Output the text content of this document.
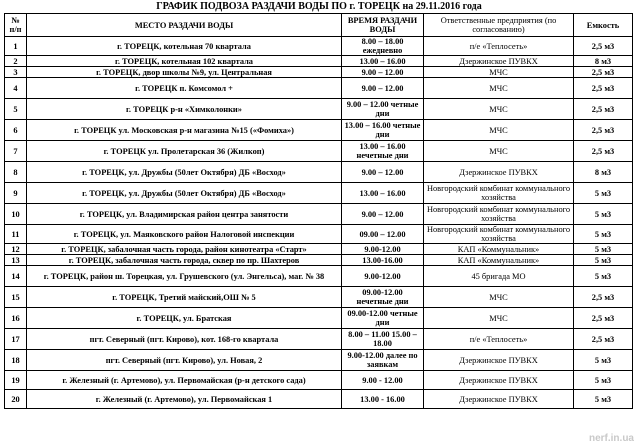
ГРАФИК ПОДВОЗА РАЗДАЧИ ВОДЫ ПО г. ТОРЕЦК на 29.11.2016 года
№ п/п	МЕСТО РАЗДАЧИ ВОДЫ	ВРЕМЯ РАЗДАЧИ ВОДЫ	Ответственные предприятия (по согласованию)	Емкость
1	г. ТОРЕЦК, котельная 70 квартала	8.00 – 18.00 ежедневно	п/е «Теплосеть»	2,5 м3
2	г. ТОРЕЦК, котельная 102 квартала	13.00 – 16.00	Дзержинское ПУВКХ	8 м3
3	г. ТОРЕЦК, двор школы №9, ул. Центральная	9.00 – 12.00	МЧС	2,5 м3
4	г. ТОРЕЦК п. Комсомол +	9.00 – 12.00	МЧС	2,5 м3
5	г. ТОРЕЦК р-н «Химколонки»	9.00 – 12.00 четные дни	МЧС	2,5 м3
6	г. ТОРЕЦК ул. Московская р-н магазина №15 («Фомиха»)	13.00 – 16.00 четные дни	МЧС	2,5 м3
7	г. ТОРЕЦК ул. Пролетарская 36 (Жилкоп)	13.00 – 16.00 нечетные дни	МЧС	2,5 м3
8	г. ТОРЕЦК, ул. Дружбы (50лет Октября) ДБ «Восход»	9.00 – 12.00	Дзержинское ПУВКХ	8 м3
9	г. ТОРЕЦК, ул. Дружбы (50лет Октября) ДБ «Восход»	13.00 – 16.00	Новгородский комбинат коммунального хозяйства	5 м3
10	г. ТОРЕЦК, ул. Владимирская район центра занятости	9.00 – 12.00	Новгородский комбинат коммунального хозяйства	5 м3
11	г. ТОРЕЦК, ул. Маяковского район Налоговой инспекции	09.00 – 12.00	Новгородский комбинат коммунального хозяйства	5 м3
12	г. ТОРЕЦК, забалочная часть города, район кинотеатра «Старт»	9.00-12.00	КАП «Коммунальник»	5 м3
13	г. ТОРЕЦК, забалочная часть города, сквер по пр. Шахтеров	13.00-16.00	КАП «Коммунальник»	5 м3
14	г. ТОРЕЦК, район ш. Торецкая, ул. Грушевского (ул. Энгельса), маг. № 38	9.00-12.00	45 бригада МО	5 м3
15	г. ТОРЕЦК, Третий майский,ОШ № 5	09.00-12.00 нечетные дни	МЧС	2,5 м3
16	г. ТОРЕЦК, ул. Братская	09.00-12.00 четные дни	МЧС	2,5 м3
17	пгт. Северный (пгт. Кирово), кот. 168-го квартала	8.00 – 11.00 15.00 – 18.00	п/е «Теплосеть»	2,5 м3
18	пгт. Северный (пгт. Кирово), ул. Новая, 2	9.00-12.00 далее по заявкам	Дзержинское ПУВКХ	5 м3
19	г. Железный (г. Артемово), ул. Первомайская (р-н детского сада)	9.00 - 12.00	Дзержинское ПУВКХ	5 м3
20	г. Железный (г. Артемово), ул. Первомайская 1	13.00 - 16.00	Дзержинское ПУВКХ	5 м3
nerf.in.ua
